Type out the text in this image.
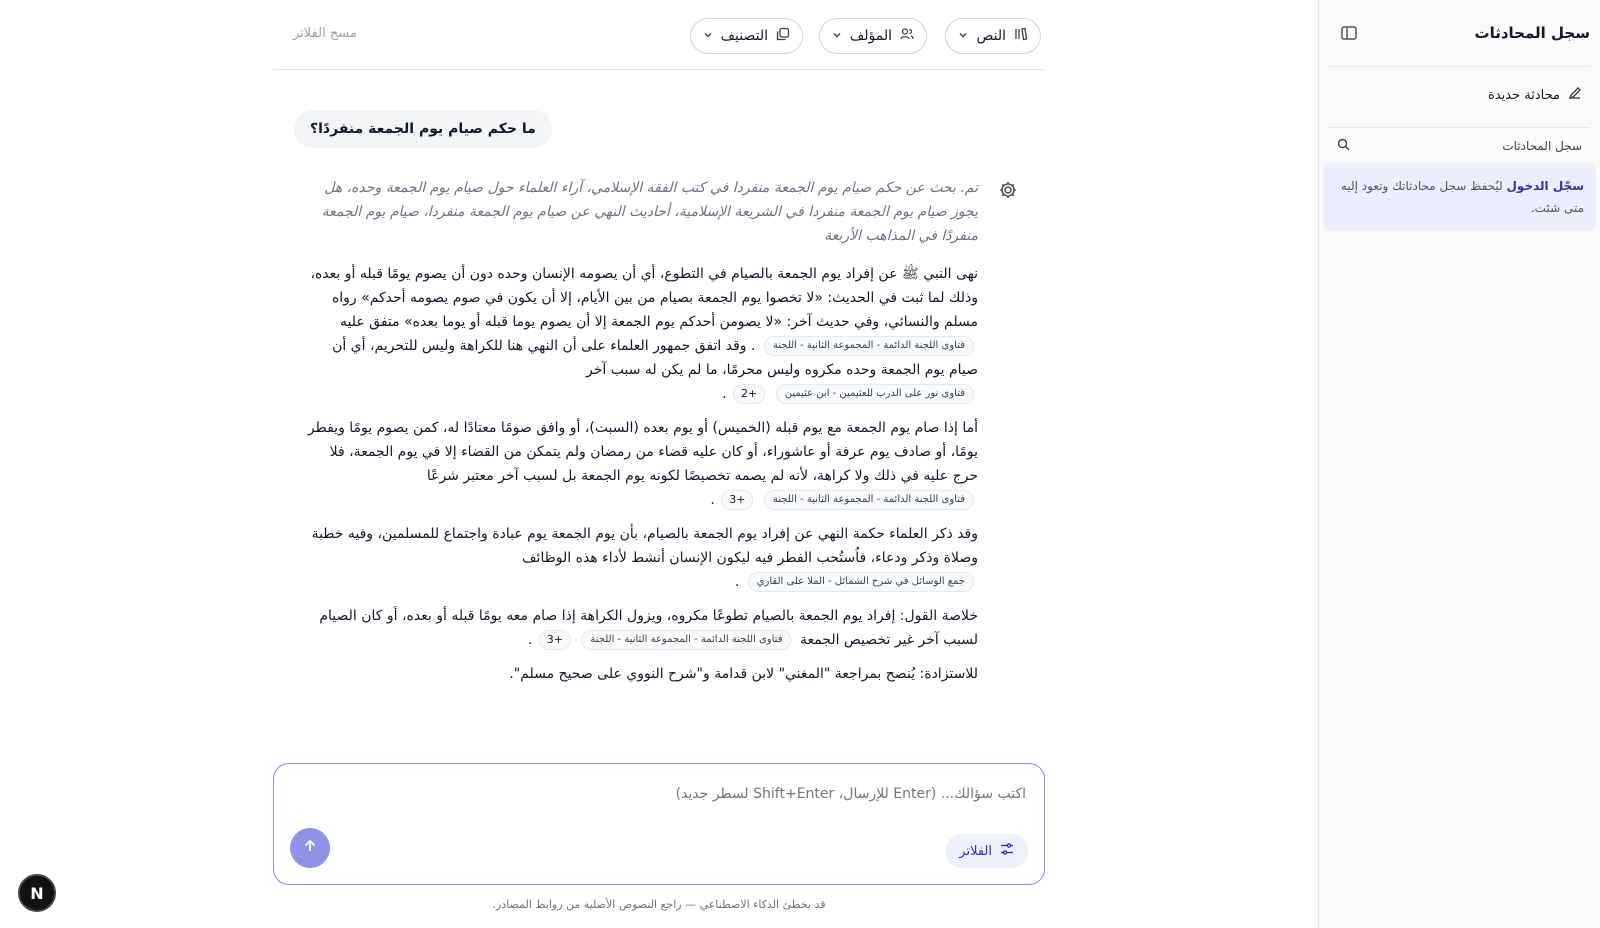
سجل المحادثات
محادثة جديدة
سجل المحادثات
سجّل الدخول ليُحفظ سجل محادثاتك وتعود إليه متى شئت.
النص
المؤلف
التصنيف
مسح الفلاتر
ما حكم صيام يوم الجمعة منفردًا؟
تم. بحث عن حكم صيام يوم الجمعة منفردا في كتب الفقه الإسلامي، آراء العلماء حول صيام يوم الجمعة وحده، هل يجوز صيام يوم الجمعة منفردا في الشريعة الإسلامية، أحاديث النهي عن صيام يوم الجمعة منفردا، صيام يوم الجمعة منفردًا في المذاهب الأربعة

نهى النبي ﷺ عن إفراد يوم الجمعة بالصيام في التطوع، أي أن يصومه الإنسان وحده دون أن يصوم يومًا قبله أو بعده، وذلك لما ثبت في الحديث: «لا تخصوا يوم الجمعة بصيام من بين الأيام، إلا أن يكون في صوم يصومه أحدكم» رواه مسلم والنسائي، وفي حديث آخر: «لا يصومن أحدكم يوم الجمعة إلا أن يصوم يوما قبله أو يوما بعده» متفق عليه فتاوى اللجنة الدائمة - المجموعة الثانية - اللجنة . وقد اتفق جمهور العلماء على أن النهي هنا للكراهة وليس للتحريم، أي أن صيام يوم الجمعة وحده مكروه وليس محرمًا، ما لم يكن له سبب آخر
فتاوى نور على الدرب للعثيمين - ابن عثيمين +2 .

أما إذا صام يوم الجمعة مع يوم قبله (الخميس) أو يوم بعده (السبت)، أو وافق صومًا معتادًا له، كمن يصوم يومًا ويفطر يومًا، أو صادف يوم عرفة أو عاشوراء، أو كان عليه قضاء من رمضان ولم يتمكن من القضاء إلا في يوم الجمعة، فلا حرج عليه في ذلك ولا كراهة، لأنه لم يصمه تخصيصًا لكونه يوم الجمعة بل لسبب آخر معتبر شرعًا فتاوى اللجنة الدائمة - المجموعة الثانية - اللجنة +3 .

وقد ذكر العلماء حكمة النهي عن إفراد يوم الجمعة بالصيام، بأن يوم الجمعة يوم عبادة واجتماع للمسلمين، وفيه خطبة وصلاة وذكر ودعاء، فاُستُحب الفطر فيه ليكون الإنسان أنشط لأداء هذه الوظائف
جمع الوسائل في شرح الشمائل - الملا على القاري .

خلاصة القول: إفراد يوم الجمعة بالصيام تطوعًا مكروه، ويزول الكراهة إذا صام معه يومًا قبله أو بعده، أو كان الصيام لسبب آخر غير تخصيص الجمعة فتاوى اللجنة الدائمة - المجموعة الثانية - اللجنة +3 .

للاستزادة: يُنصح بمراجعة "المغني" لابن قدامة و"شرح النووي على صحيح مسلم".

اكتب سؤالك... (Enter للإرسال، Shift+Enter لسطر جديد)
الفلاتر
قد يخطئ الذكاء الاصطناعي — راجع النصوص الأصلية من روابط المصادر.
N
